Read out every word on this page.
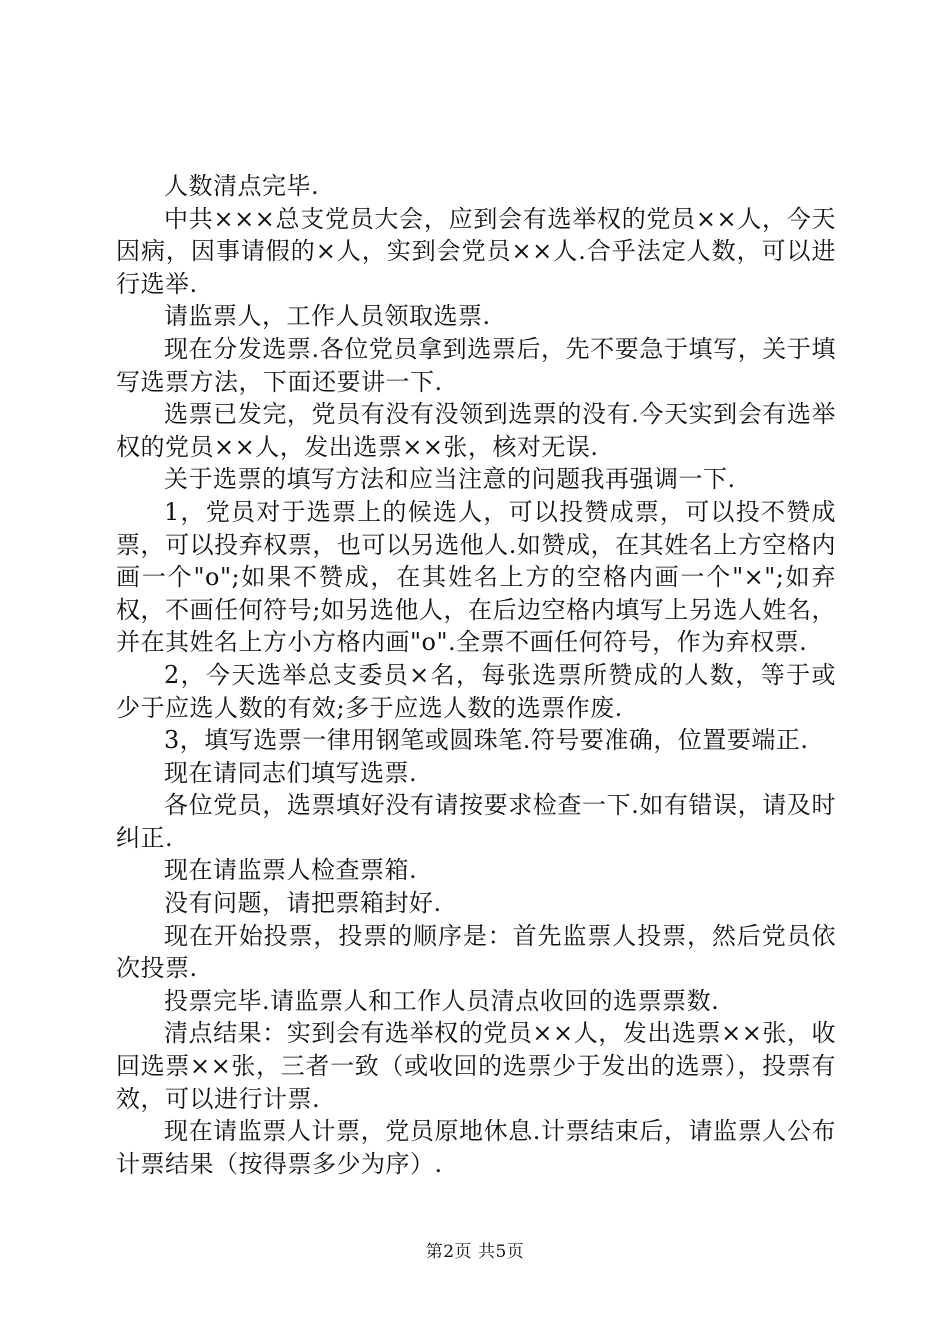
人数清点完毕.

中共×××总支党员大会，应到会有选举权的党员××人，今天因病，因事请假的×人，实到会党员××人.合乎法定人数，可以进行选举.

请监票人，工作人员领取选票.

现在分发选票.各位党员拿到选票后，先不要急于填写，关于填写选票方法，下面还要讲一下.

选票已发完，党员有没有没领到选票的没有.今天实到会有选举权的党员××人，发出选票××张，核对无误.

关于选票的填写方法和应当注意的问题我再强调一下.

1，党员对于选票上的候选人，可以投赞成票，可以投不赞成票，可以投弃权票，也可以另选他人.如赞成，在其姓名上方空格内画一个"o";如果不赞成，在其姓名上方的空格内画一个"×";如弃权，不画任何符号;如另选他人，在后边空格内填写上另选人姓名，并在其姓名上方小方格内画"o".全票不画任何符号，作为弃权票.

2，今天选举总支委员×名，每张选票所赞成的人数，等于或少于应选人数的有效;多于应选人数的选票作废.

3，填写选票一律用钢笔或圆珠笔.符号要准确，位置要端正.

现在请同志们填写选票.

各位党员，选票填好没有请按要求检查一下.如有错误，请及时纠正.

现在请监票人检查票箱.

没有问题，请把票箱封好.

现在开始投票，投票的顺序是：首先监票人投票，然后党员依次投票.

投票完毕.请监票人和工作人员清点收回的选票票数.

清点结果：实到会有选举权的党员××人，发出选票××张，收回选票××张，三者一致（或收回的选票少于发出的选票），投票有效，可以进行计票.

现在请监票人计票，党员原地休息.计票结束后，请监票人公布计票结果（按得票多少为序）.

第2页 共5页
